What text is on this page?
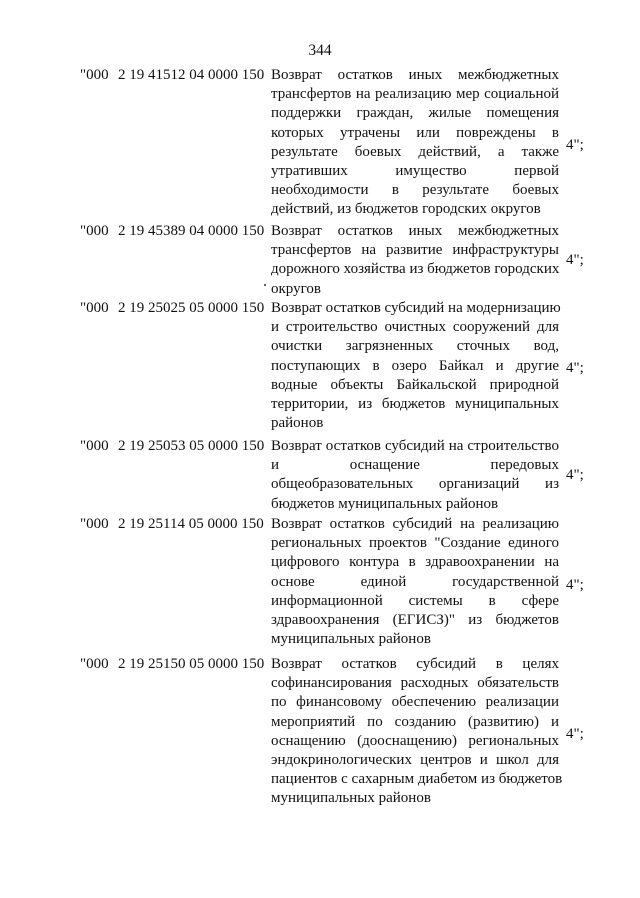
344
"000 2 19 41512 04 0000 150 Возврат остатков иных межбюджетных
трансфертов на реализацию мер социальной
поддержки граждан, жилые помещения
которых утрачены или повреждены в
результате боевых действий, а также
утративших имущество первой
необходимости в результате боевых
действий, из бюджетов городских округов
4";
"000 2 19 45389 04 0000 150 Возврат остатков иных межбюджетных
трансфертов на развитие инфраструктуры
дорожного хозяйства из бюджетов городских
округов
4";
"000 2 19 25025 05 0000 150 Возврат остатков субсидий на модернизацию
и строительство очистных сооружений для
очистки загрязненных сточных вод,
поступающих в озеро Байкал и другие
водные объекты Байкальской природной
территории, из бюджетов муниципальных
районов
4";
"000 2 19 25053 05 0000 150 Возврат остатков субсидий на строительство
и оснащение передовых
общеобразовательных организаций из
бюджетов муниципальных районов
4";
"000 2 19 25114 05 0000 150 Возврат остатков субсидий на реализацию
региональных проектов "Создание единого
цифрового контура в здравоохранении на
основе единой государственной
информационной системы в сфере
здравоохранения (ЕГИСЗ)" из бюджетов
муниципальных районов
4";
"000 2 19 25150 05 0000 150 Возврат остатков субсидий в целях
софинансирования расходных обязательств
по финансовому обеспечению реализации
мероприятий по созданию (развитию) и
оснащению (дооснащению) региональных
эндокринологических центров и школ для
пациентов с сахарным диабетом из бюджетов
муниципальных районов
4";
